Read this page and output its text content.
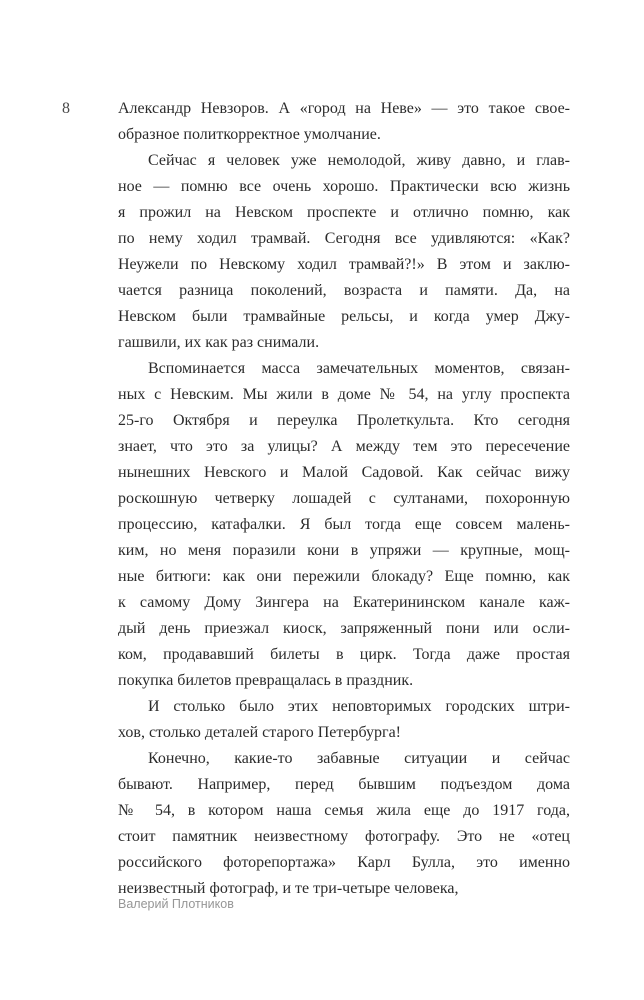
8	Александр Невзоров. А «город на Неве» — это такое свое-
образное политкорректное умолчание.
Сейчас я человек уже немолодой, живу давно, и глав-
ное — помню все очень хорошо. Практически всю жизнь
я прожил на Невском проспекте и отлично помню, как
по нему ходил трамвай. Сегодня все удивляются: «Как?
Неужели по Невскому ходил трамвай?!» В этом и заклю-
чается разница поколений, возраста и памяти. Да, на
Невском были трамвайные рельсы, и когда умер Джу-
гашвили, их как раз снимали.
Вспоминается масса замечательных моментов, связан-
ных с Невским. Мы жили в доме № 54, на углу проспекта
25-го Октября и переулка Пролеткульта. Кто сегодня
знает, что это за улицы? А между тем это пересечение
нынешних Невского и Малой Садовой. Как сейчас вижу
роскошную четверку лошадей с султанами, похоронную
процессию, катафалки. Я был тогда еще совсем малень-
ким, но меня поразили кони в упряжи — крупные, мощ-
ные битюги: как они пережили блокаду? Еще помню, как
к самому Дому Зингера на Екатерининском канале каж-
дый день приезжал киоск, запряженный пони или осли-
ком, продававший билеты в цирк. Тогда даже простая
покупка билетов превращалась в праздник.
И столько было этих неповторимых городских штри-
хов, столько деталей старого Петербурга!
Конечно, какие-то забавные ситуации и сейчас
бывают. Например, перед бывшим подъездом дома
№ 54, в котором наша семья жила еще до 1917 года,
стоит памятник неизвестному фотографу. Это не «отец
российского фоторепортажа» Карл Булла, это именно
неизвестный фотограф, и те три-четыре человека,
Валерий Плотников
